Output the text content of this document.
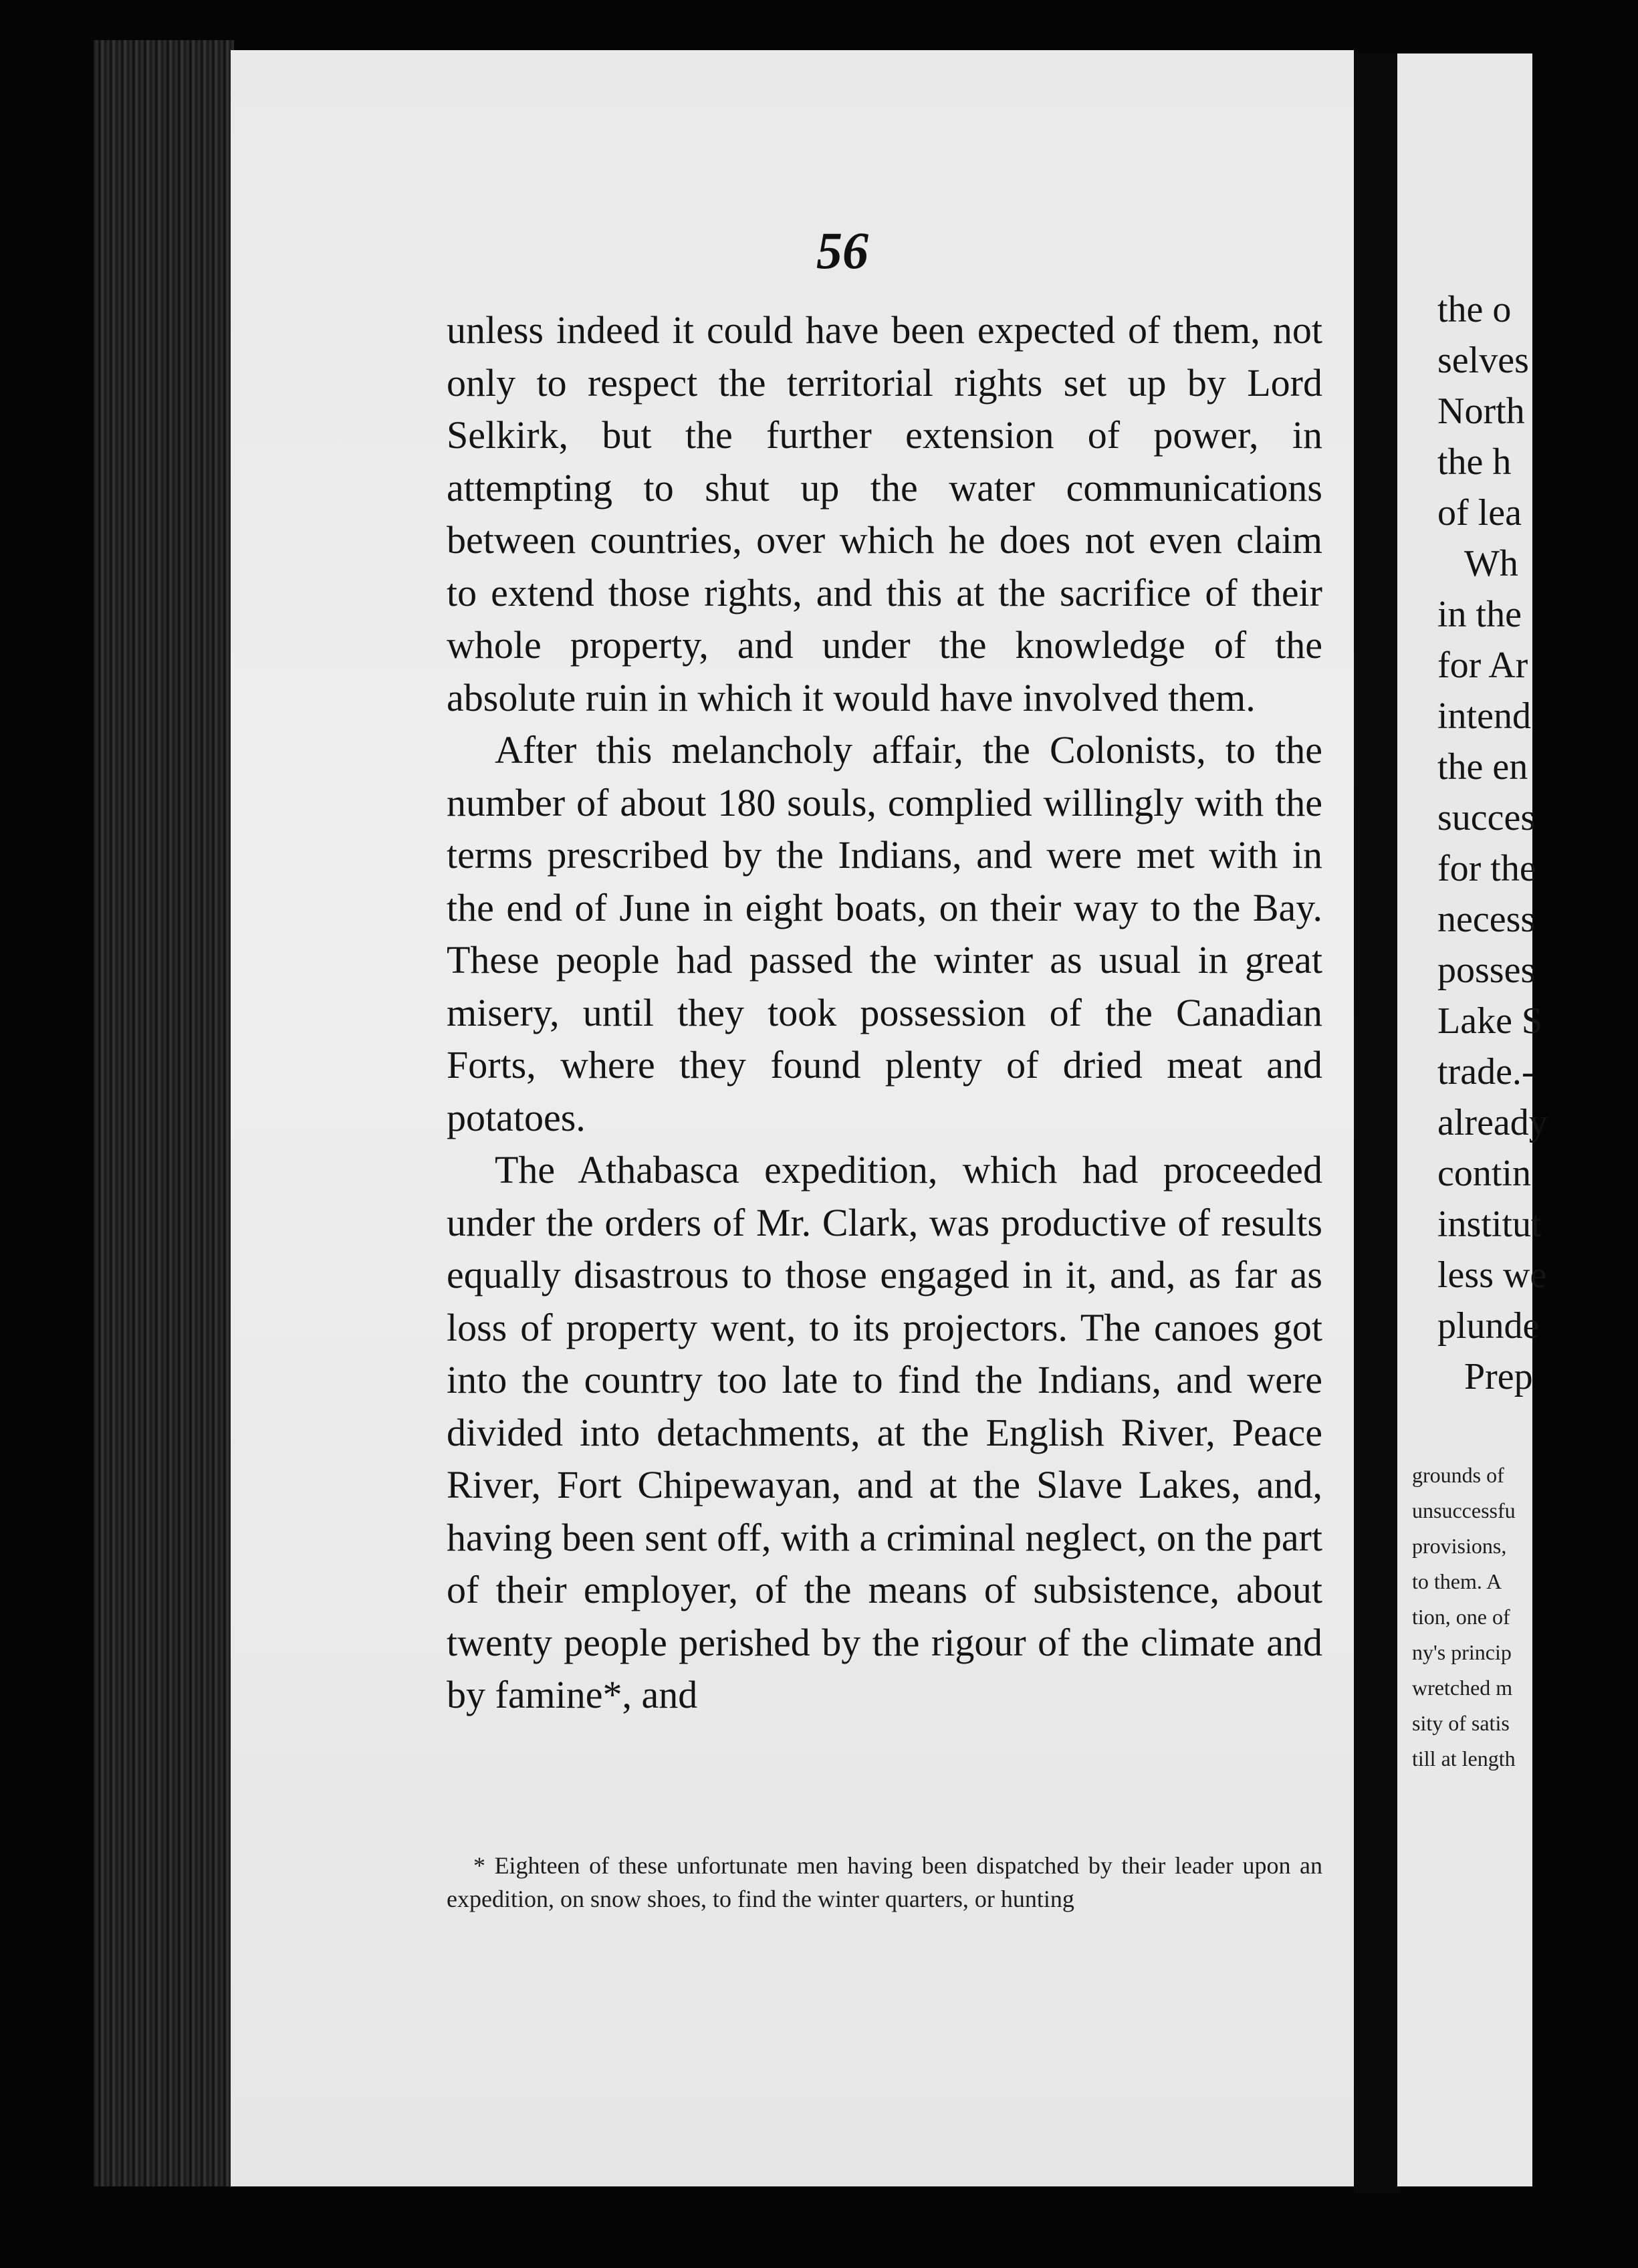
56

unless indeed it could have been expected of them, not only to respect the territorial rights set up by Lord Selkirk, but the further extension of power, in attempting to shut up the water communications between countries, over which he does not even claim to extend those rights, and this at the sacrifice of their whole property, and under the knowledge of the absolute ruin in which it would have involved them.

After this melancholy affair, the Colonists, to the number of about 180 souls, complied willingly with the terms prescribed by the Indians, and were met with in the end of June in eight boats, on their way to the Bay. These people had passed the winter as usual in great misery, until they took possession of the Canadian Forts, where they found plenty of dried meat and potatoes.

The Athabasca expedition, which had proceeded under the orders of Mr. Clark, was productive of results equally disastrous to those engaged in it, and, as far as loss of property went, to its projectors. The canoes got into the country too late to find the Indians, and were divided into detachments, at the English River, Peace River, Fort Chipewayan, and at the Slave Lakes, and, having been sent off, with a criminal neglect, on the part of their employer, of the means of subsistence, about twenty people perished by the rigour of the climate and by famine*, and

* Eighteen of these unfortunate men having been dispatched by their leader upon an expedition, on snow shoes, to find the winter quarters, or hunting

the o

selves

North

the h

of lea

Wh

in the

for Ar

intend

the en

succes

for the

necess

posses

Lake S

trade.-

already

contin

institut

less we

plunde

Prep

grounds of

unsuccessfu

provisions,

to them. A

tion, one of

ny's princip

wretched m

sity of satis

till at length
